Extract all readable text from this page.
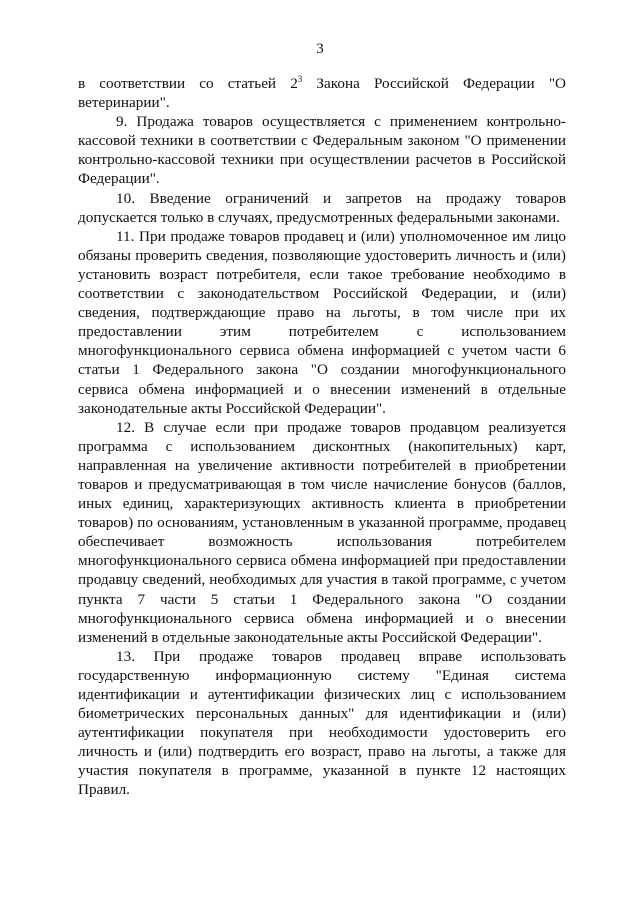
3

в соответствии со статьей $2^3$ Закона Российской Федерации "О ветеринарии".

9. Продажа товаров осуществляется с применением контрольно-кассовой техники в соответствии с Федеральным законом "О применении контрольно-кассовой техники при осуществлении расчетов в Российской Федерации".

10. Введение ограничений и запретов на продажу товаров допускается только в случаях, предусмотренных федеральными законами.

11. При продаже товаров продавец и (или) уполномоченное им лицо обязаны проверить сведения, позволяющие удостоверить личность и (или) установить возраст потребителя, если такое требование необходимо в соответствии с законодательством Российской Федерации, и (или) сведения, подтверждающие право на льготы, в том числе при их предоставлении этим потребителем с использованием многофункционального сервиса обмена информацией с учетом части 6 статьи 1 Федерального закона "О создании многофункционального сервиса обмена информацией и о внесении изменений в отдельные законодательные акты Российской Федерации".

12. В случае если при продаже товаров продавцом реализуется программа с использованием дисконтных (накопительных) карт, направленная на увеличение активности потребителей в приобретении товаров и предусматривающая в том числе начисление бонусов (баллов, иных единиц, характеризующих активность клиента в приобретении товаров) по основаниям, установленным в указанной программе, продавец обеспечивает возможность использования потребителем многофункционального сервиса обмена информацией при предоставлении продавцу сведений, необходимых для участия в такой программе, с учетом пункта 7 части 5 статьи 1 Федерального закона "О создании многофункционального сервиса обмена информацией и о внесении изменений в отдельные законодательные акты Российской Федерации".

13. При продаже товаров продавец вправе использовать государственную информационную систему "Единая система идентификации и аутентификации физических лиц с использованием биометрических персональных данных" для идентификации и (или) аутентификации покупателя при необходимости удостоверить его личность и (или) подтвердить его возраст, право на льготы, а также для участия покупателя в программе, указанной в пункте 12 настоящих Правил.
